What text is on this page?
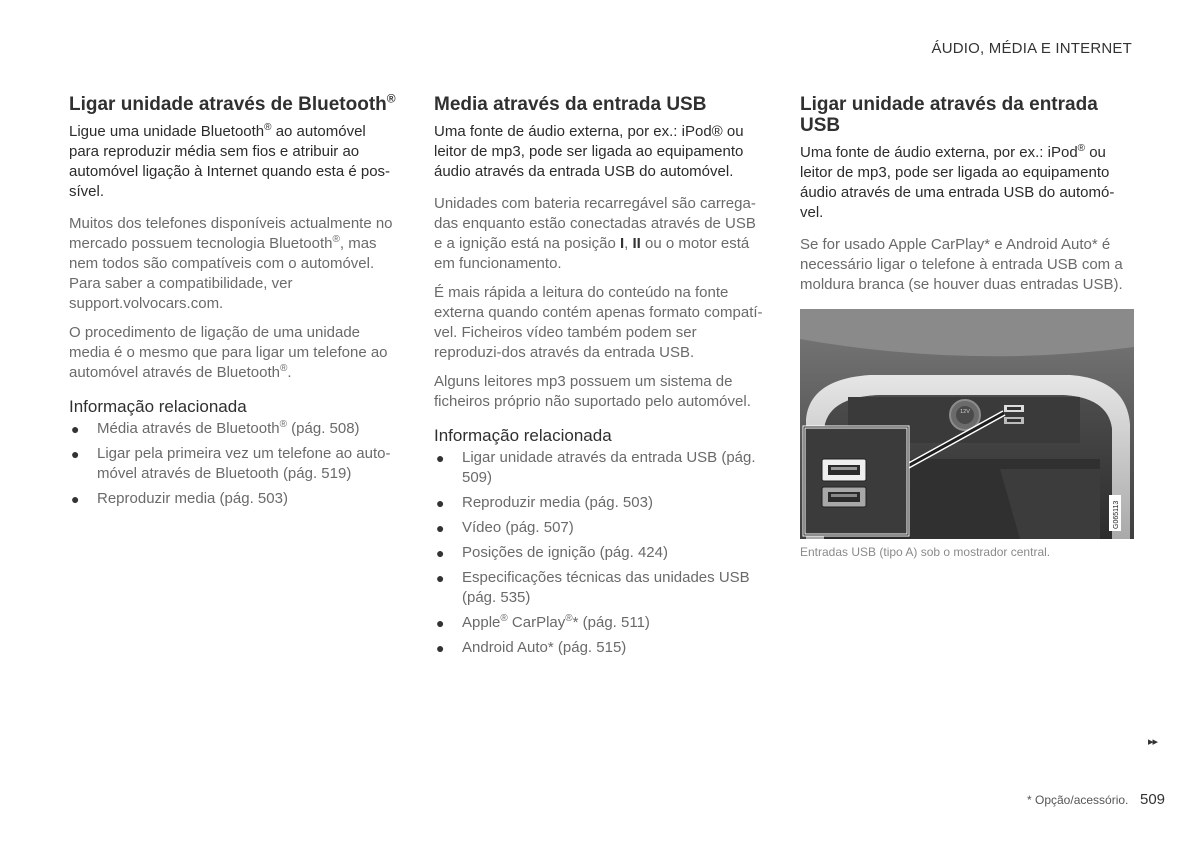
ÁUDIO, MÉDIA E INTERNET
Ligar unidade através de Bluetooth®

Ligue uma unidade Bluetooth® ao automóvel para reproduzir média sem fios e atribuir ao automóvel ligação à Internet quando esta é pos-sível.

Muitos dos telefones disponíveis actualmente no mercado possuem tecnologia Bluetooth®, mas nem todos são compatíveis com o automóvel. Para saber a compatibilidade, ver support.volvocars.com.

O procedimento de ligação de uma unidade media é o mesmo que para ligar um telefone ao automóvel através de Bluetooth®.

Informação relacionada
● Média através de Bluetooth® (pág. 508)
● Ligar pela primeira vez um telefone ao auto-móvel através de Bluetooth (pág. 519)
● Reproduzir media (pág. 503)
Media através da entrada USB

Uma fonte de áudio externa, por ex.: iPod® ou leitor de mp3, pode ser ligada ao equipamento áudio através da entrada USB do automóvel.

Unidades com bateria recarregável são carrega-das enquanto estão conectadas através de USB e a ignição está na posição I, II ou o motor está em funcionamento.

É mais rápida a leitura do conteúdo na fonte externa quando contém apenas formato compatí-vel. Ficheiros vídeo também podem ser reproduzi-dos através da entrada USB.

Alguns leitores mp3 possuem um sistema de ficheiros próprio não suportado pelo automóvel.

Informação relacionada
● Ligar unidade através da entrada USB (pág. 509)
● Reproduzir media (pág. 503)
● Vídeo (pág. 507)
● Posições de ignição (pág. 424)
● Especificações técnicas das unidades USB (pág. 535)
● Apple® CarPlay®* (pág. 511)
● Android Auto* (pág. 515)
Ligar unidade através da entrada USB

Uma fonte de áudio externa, por ex.: iPod® ou leitor de mp3, pode ser ligada ao equipamento áudio através de uma entrada USB do automó-vel.

Se for usado Apple CarPlay* e Android Auto* é necessário ligar o telefone à entrada USB com a moldura branca (se houver duas entradas USB).

12V
G065113
Entradas USB (tipo A) sob o mostrador central.
▸▸
* Opção/acessório. 509
